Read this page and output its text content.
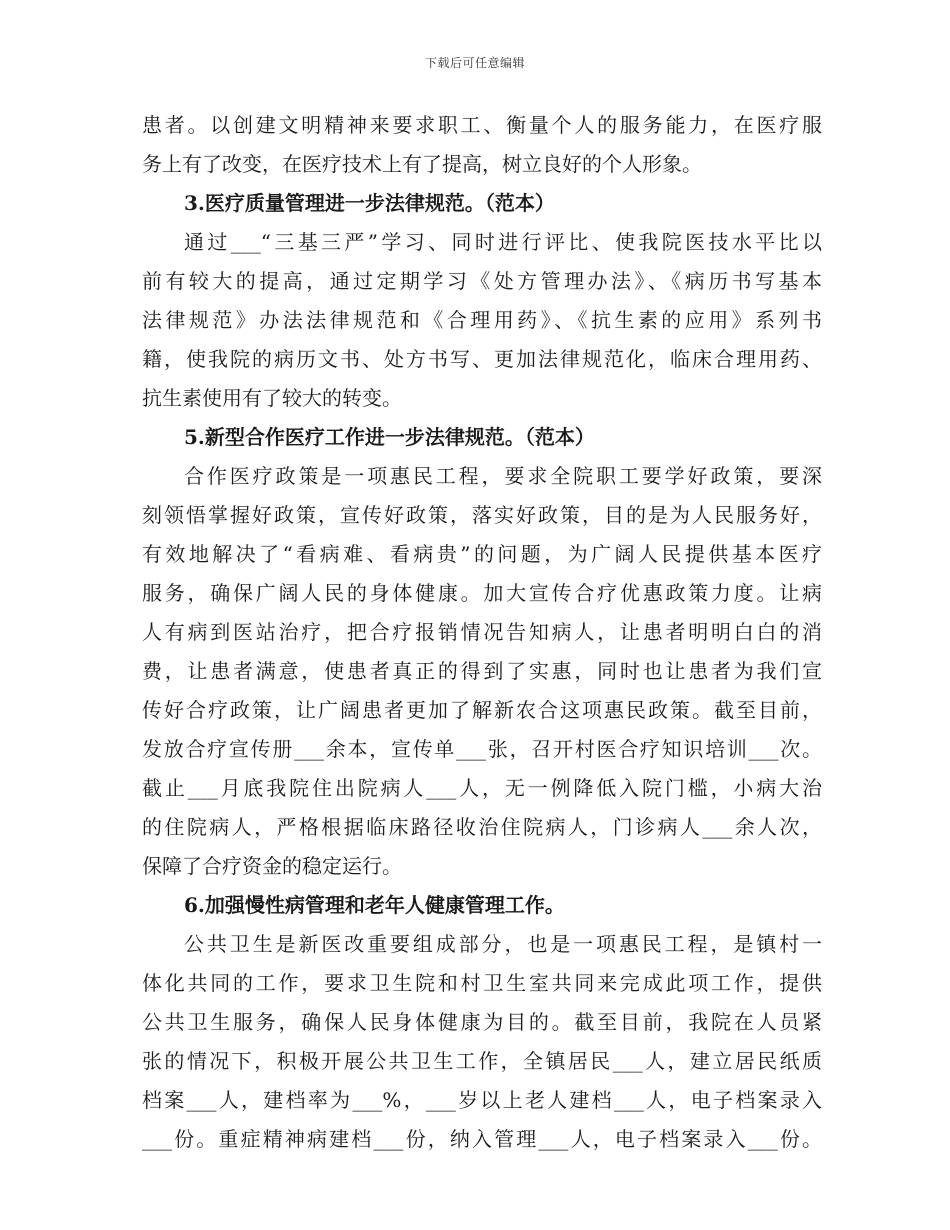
下载后可任意编辑
患者。以创建文明精神来要求职工、衡量个人的服务能力，在医疗服
务上有了改变，在医疗技术上有了提高，树立良好的个人形象。
3.医疗质量管理进一步法律规范。（范本）
通过___“三基三严”学习、同时进行评比、使我院医技水平比以
前有较大的提高，通过定期学习《处方管理办法》、《病历书写基本
法律规范》办法法律规范和《合理用药》、《抗生素的应用》系列书
籍，使我院的病历文书、处方书写、更加法律规范化，临床合理用药、
抗生素使用有了较大的转变。
5.新型合作医疗工作进一步法律规范。（范本）
合作医疗政策是一项惠民工程，要求全院职工要学好政策，要深
刻领悟掌握好政策，宣传好政策，落实好政策，目的是为人民服务好，
有效地解决了“看病难、看病贵”的问题，为广阔人民提供基本医疗
服务，确保广阔人民的身体健康。加大宣传合疗优惠政策力度。让病
人有病到医站治疗，把合疗报销情况告知病人，让患者明明白白的消
费，让患者满意，使患者真正的得到了实惠，同时也让患者为我们宣
传好合疗政策，让广阔患者更加了解新农合这项惠民政策。截至目前，
发放合疗宣传册___余本，宣传单___张，召开村医合疗知识培训___次。
截止___月底我院住出院病人___人，无一例降低入院门槛，小病大治
的住院病人，严格根据临床路径收治住院病人，门诊病人___余人次，
保障了合疗资金的稳定运行。
6.加强慢性病管理和老年人健康管理工作。
公共卫生是新医改重要组成部分，也是一项惠民工程，是镇村一
体化共同的工作，要求卫生院和村卫生室共同来完成此项工作，提供
公共卫生服务，确保人民身体健康为目的。截至目前，我院在人员紧
张的情况下，积极开展公共卫生工作，全镇居民___人，建立居民纸质
档案___人，建档率为___%，___岁以上老人建档___人，电子档案录入
___份。重症精神病建档___份，纳入管理___人，电子档案录入___份。
